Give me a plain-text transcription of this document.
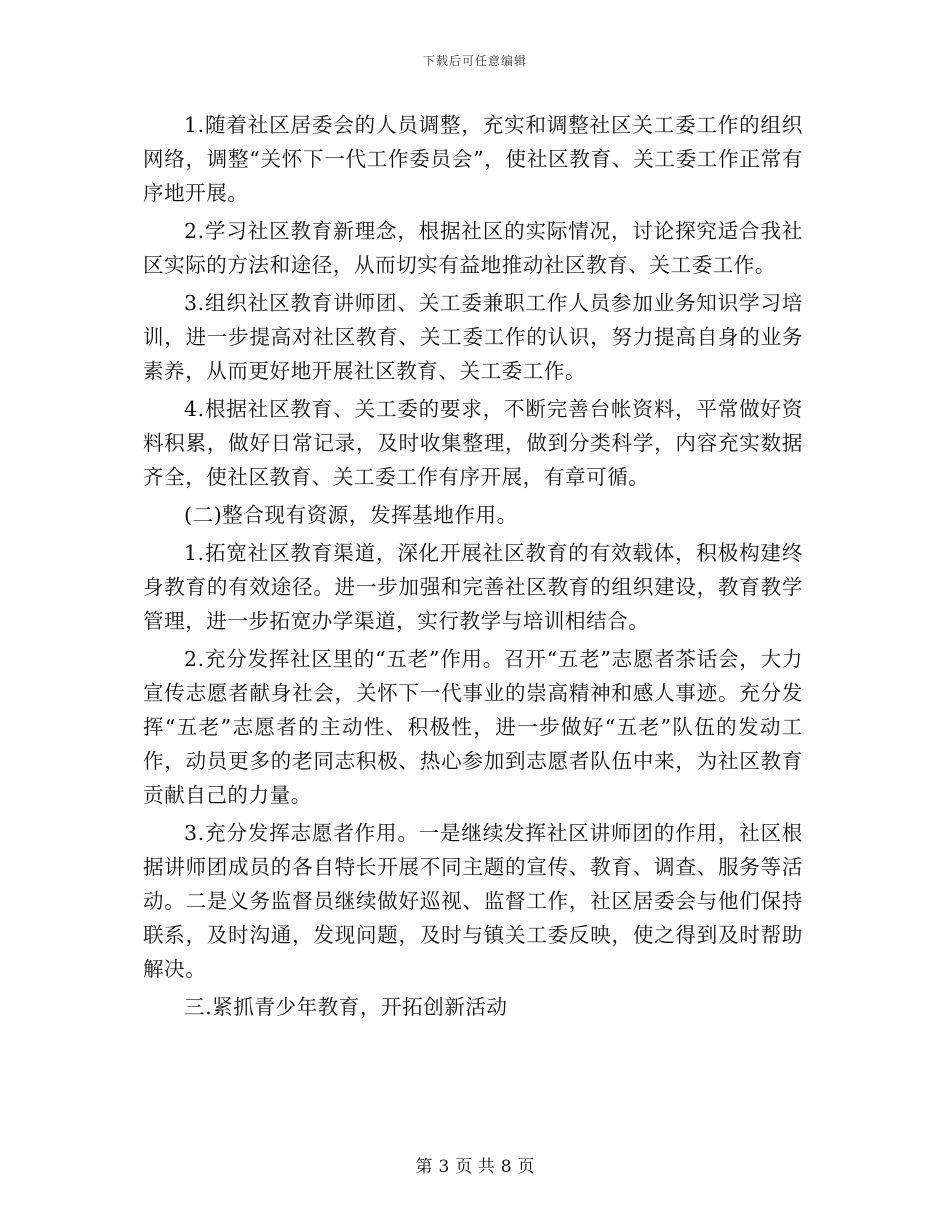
下载后可任意编辑

1.随着社区居委会的人员调整，充实和调整社区关工委工作的组织网络，调整“关怀下一代工作委员会”，使社区教育、关工委工作正常有序地开展。

2.学习社区教育新理念，根据社区的实际情况，讨论探究适合我社区实际的方法和途径，从而切实有益地推动社区教育、关工委工作。

3.组织社区教育讲师团、关工委兼职工作人员参加业务知识学习培训，进一步提高对社区教育、关工委工作的认识，努力提高自身的业务素养，从而更好地开展社区教育、关工委工作。

4.根据社区教育、关工委的要求，不断完善台帐资料，平常做好资料积累，做好日常记录，及时收集整理，做到分类科学，内容充实数据齐全，使社区教育、关工委工作有序开展，有章可循。

(二)整合现有资源，发挥基地作用。

1.拓宽社区教育渠道，深化开展社区教育的有效载体，积极构建终身教育的有效途径。进一步加强和完善社区教育的组织建设，教育教学管理，进一步拓宽办学渠道，实行教学与培训相结合。

2.充分发挥社区里的“五老”作用。召开“五老”志愿者茶话会，大力宣传志愿者献身社会，关怀下一代事业的崇高精神和感人事迹。充分发挥“五老”志愿者的主动性、积极性，进一步做好“五老”队伍的发动工作，动员更多的老同志积极、热心参加到志愿者队伍中来，为社区教育贡献自己的力量。

3.充分发挥志愿者作用。一是继续发挥社区讲师团的作用，社区根据讲师团成员的各自特长开展不同主题的宣传、教育、调查、服务等活动。二是义务监督员继续做好巡视、监督工作，社区居委会与他们保持联系，及时沟通，发现问题，及时与镇关工委反映，使之得到及时帮助解决。

三.紧抓青少年教育，开拓创新活动

第 3 页 共 8 页
